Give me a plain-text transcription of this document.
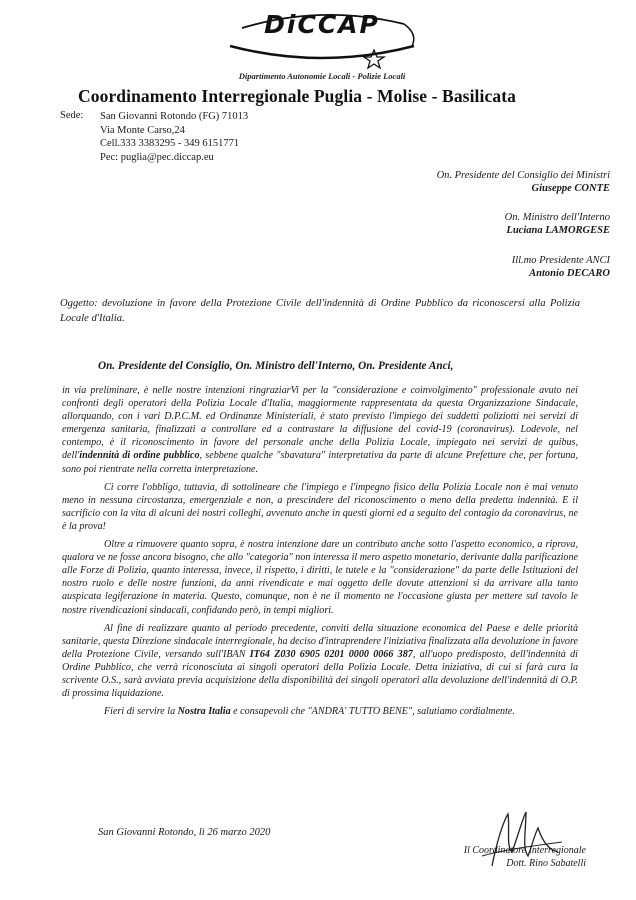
DiCCAP
Dipartimento Autonomie Locali - Polizie Locali
Coordinamento Interregionale Puglia - Molise - Basilicata
Sede: San Giovanni Rotondo (FG) 71013
Via Monte Carso,24
Cell.333 3383295 - 349 6151771
Pec: puglia@pec.diccap.eu
On. Presidente del Consiglio dei Ministri
Giuseppe CONTE
On. Ministro dell'Interno
Luciana LAMORGESE
Ill.mo Presidente ANCI
Antonio DECARO
Oggetto: devoluzione in favore della Protezione Civile dell'indennità di Ordine Pubblico da riconoscersi alla Polizia Locale d'Italia.
On. Presidente del Consiglio, On. Ministro dell'Interno, On. Presidente Anci,

in via preliminare, è nelle nostre intenzioni ringraziarVi per la "considerazione e coinvolgimento" professionale avuto nei confronti degli operatori della Polizia Locale d'Italia, maggiormente rappresentata da questa Organizzazione Sindacale, allorquando, con i vari D.P.C.M. ed Ordinanze Ministeriali, è stato previsto l'impiego dei suddetti poliziotti nei servizi di emergenza sanitaria, finalizzati a controllare ed a contrastare la diffusione del covid-19 (coronavirus). Lodevole, nel contempo, è il riconoscimento in favore del personale anche della Polizia Locale, impiegato nei servizi de quibus, dell'indennità di ordine pubblico, sebbene qualche "sbavatura" interpretativa da parte di alcune Prefetture che, per fortuna, sono poi rientrate nella corretta interpretazione.

Ci corre l'obbligo, tuttavia, di sottolineare che l'impiego e l'impegno fisico della Polizia Locale non è mai venuto meno in nessuna circostanza, emergenziale e non, a prescindere del riconoscimento o meno della predetta indennità. E il sacrificio con la vita di alcuni dei nostri colleghi, avvenuto anche in questi giorni ed a seguito del contagio da coronavirus, ne è la prova!

Oltre a rimuovere quanto sopra, è nostra intenzione dare un contributo anche sotto l'aspetto economico, a riprova, qualora ve ne fosse ancora bisogno, che allo "categoria" non interessa il mero aspetto monetario, derivante dalla parificazione alle Forze di Polizia, quanto interessa, invece, il rispetto, i diritti, le tutele e la "considerazione" da parte delle Istituzioni del nostro ruolo e delle nostre funzioni, da anni rivendicate e mai oggetto delle dovute attenzioni si da arrivare alla tanto auspicata legiferazione in materia. Questo, comunque, non è ne il momento ne l'occasione giusta per mettere sul tavolo le nostre rivendicazioni sindacali, confidando però, in tempi migliori.

Al fine di realizzare quanto al periodo precedente, conviti della situazione economica del Paese e delle priorità sanitarie, questa Direzione sindacale interregionale, ha deciso d'intraprendere l'iniziativa finalizzata alla devoluzione in favore della Protezione Civile, versando sull'IBAN IT64 Z030 6905 0201 0000 0066 387, all'uopo predisposto, dell'indennità di Ordine Pubblico, che verrà riconosciuta ai singoli operatori della Polizia Locale. Detta iniziativa, di cui si farà cura la scrivente O.S., sarà avviata previa acquisizione della disponibilità dei singoli operatori alla devoluzione dell'indennità di O.P. di prossima liquidazione.

Fieri di servire la Nostra Italia e consapevoli che "ANDRA' TUTTO BENE", salutiamo cordialmente.

San Giovanni Rotondo, lì 26 marzo 2020
Il Coordinatore Interregionale
Dott. Rino Sabatelli
